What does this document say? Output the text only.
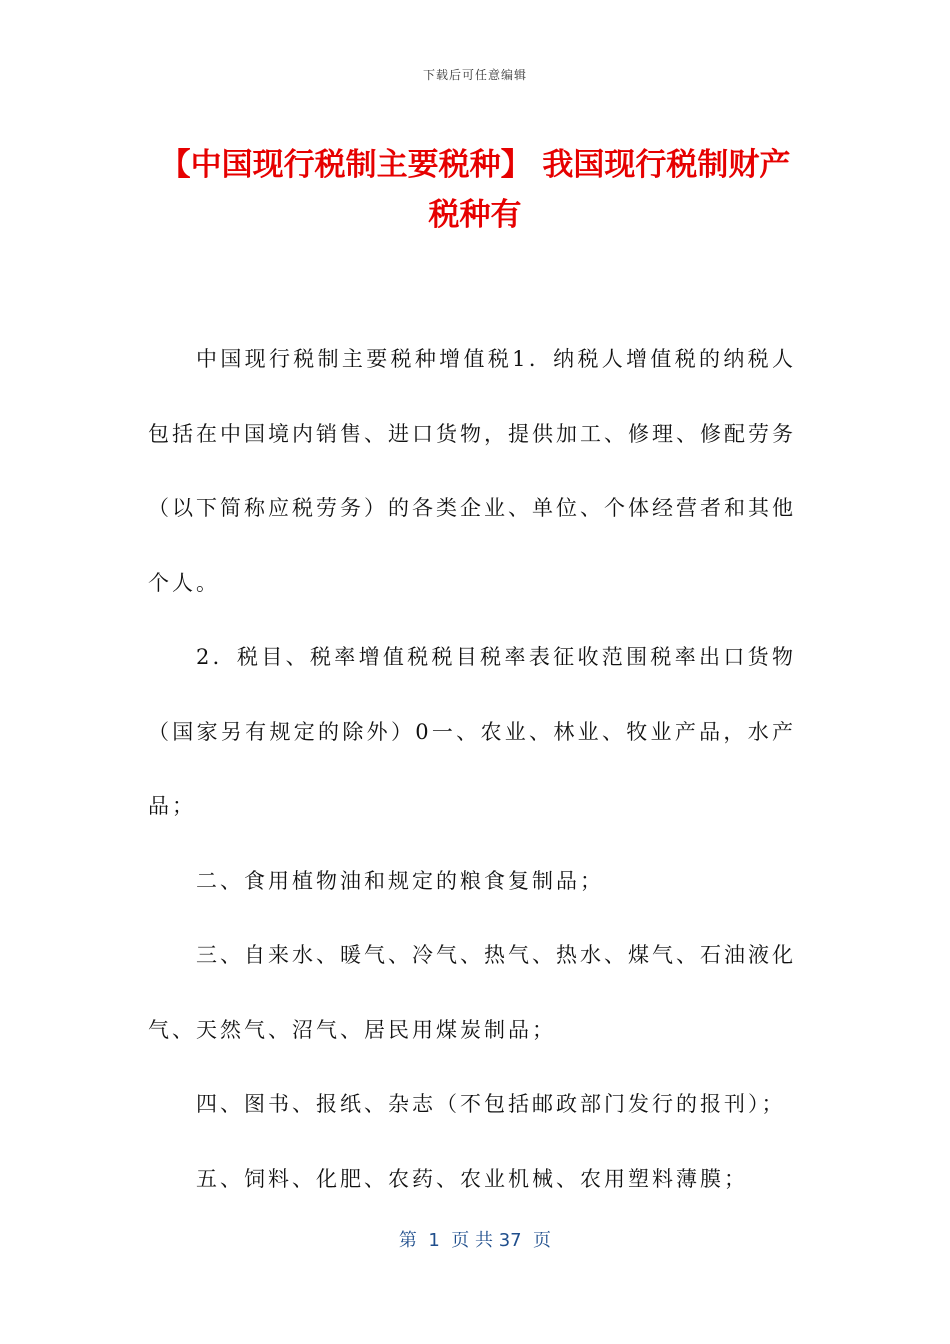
下载后可任意编辑
【中国现行税制主要税种】 我国现行税制财产税种有

中国现行税制主要税种增值税1．纳税人增值税的纳税人包括在中国境内销售、进口货物，提供加工、修理、修配劳务（以下简称应税劳务）的各类企业、单位、个体经营者和其他个人。

2．税目、税率增值税税目税率表征收范围税率出口货物（国家另有规定的除外）0一、农业、林业、牧业产品，水产品；

二、食用植物油和规定的粮食复制品；

三、自来水、暖气、冷气、热气、热水、煤气、石油液化气、天然气、沼气、居民用煤炭制品；

四、图书、报纸、杂志（不包括邮政部门发行的报刊）；

五、饲料、化肥、农药、农业机械、农用塑料薄膜；

第  1  页 共 37  页
